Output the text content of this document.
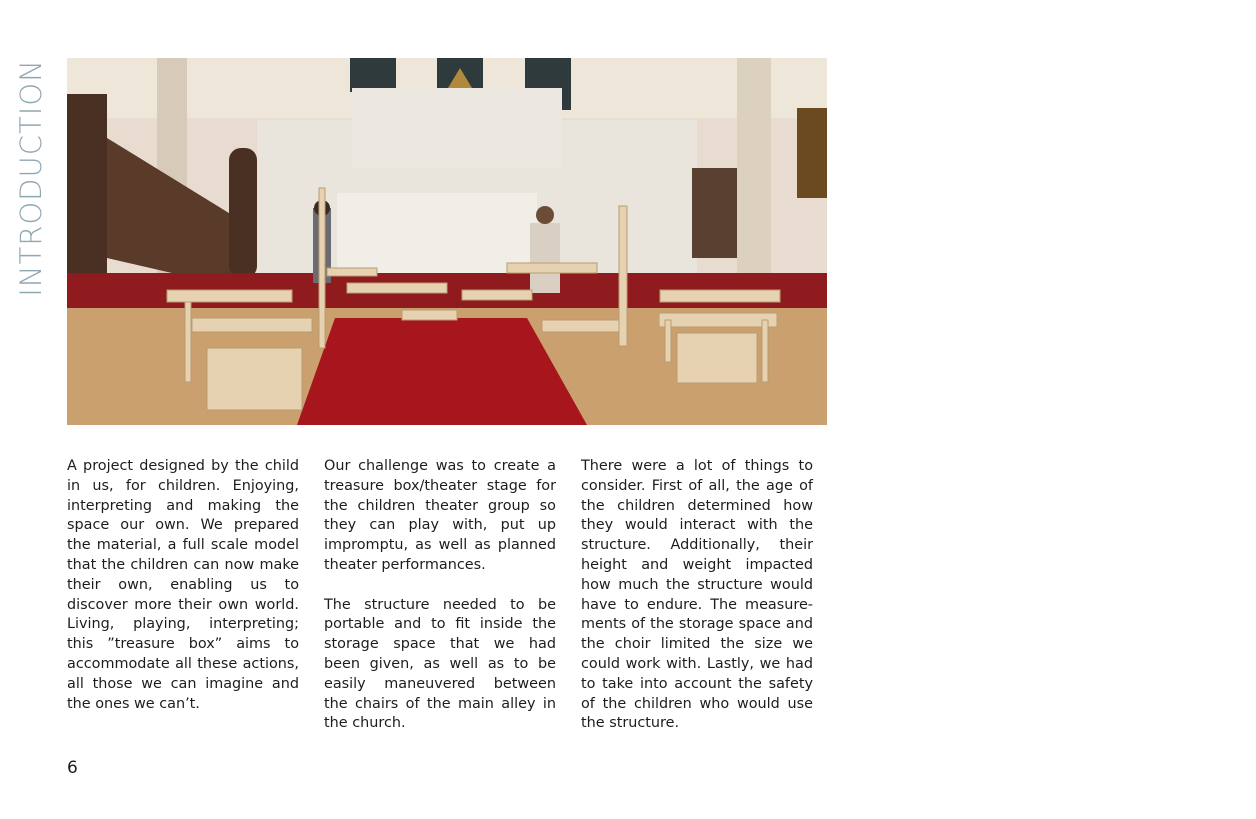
INTRODUCTION

A project designed by the child in us, for children. Enjoying, interpreting and making the space our own. We prepared the material, a full scale model that the children can now make their own, enabling us to discover more their own world. Living, playing, interpreting; this ”treasure box” aims to accommodate all these actions, all those we can imagine and the ones we can’t.

Our challenge was to create a treasure box/theater stage for the children theater group so they can play with, put up impromptu, as well as planned theater performances.

The structure needed to be portable and to fit inside the storage space that we had been given, as well as to be easily maneuvered between the chairs of the main alley in the church.

There were a lot of things to consider. First of all, the age of the children determined how they would interact with the structure. Additionally, their height and weight impacted how much the structure would have to endure. The measure-ments of the storage space and the choir limited the size we could work with. Lastly, we had to take into account the safety of the children who would use the structure.

6
